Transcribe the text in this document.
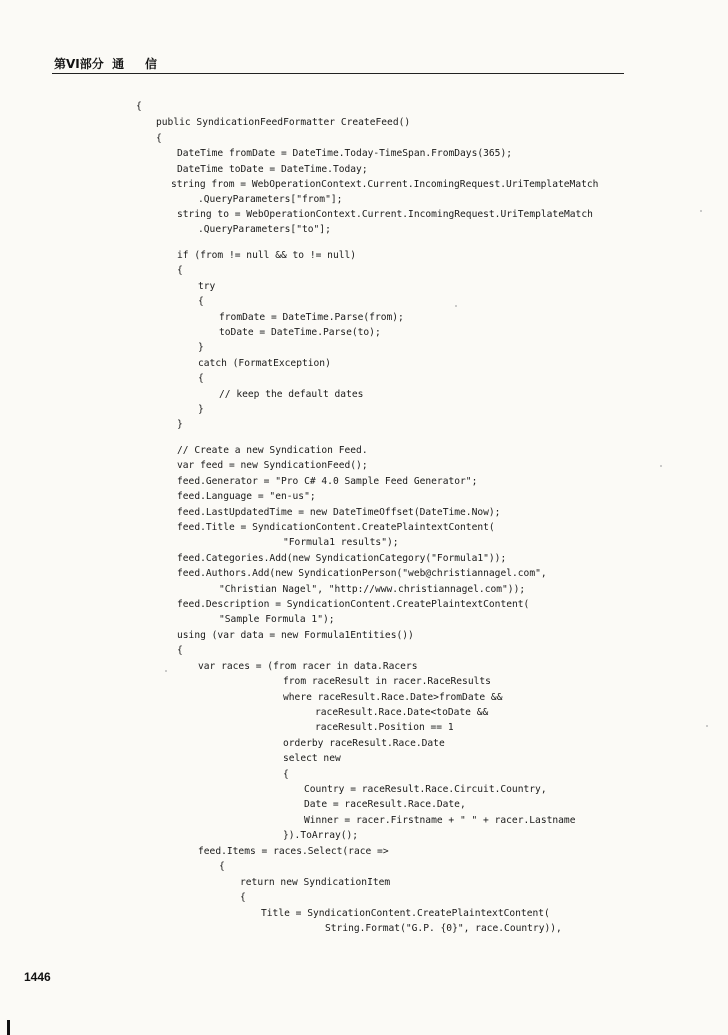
第VI部分 通 信
{
public SyndicationFeedFormatter CreateFeed()
{
DateTime fromDate = DateTime.Today-TimeSpan.FromDays(365);
DateTime toDate = DateTime.Today;
string from = WebOperationContext.Current.IncomingRequest.UriTemplateMatch
.QueryParameters["from"];
string to = WebOperationContext.Current.IncomingRequest.UriTemplateMatch
.QueryParameters["to"];
if (from != null && to != null)
{
try
{
fromDate = DateTime.Parse(from);
toDate = DateTime.Parse(to);
}
catch (FormatException)
{
// keep the default dates
}
}
// Create a new Syndication Feed.
var feed = new SyndicationFeed();
feed.Generator = "Pro C# 4.0 Sample Feed Generator";
feed.Language = "en-us";
feed.LastUpdatedTime = new DateTimeOffset(DateTime.Now);
feed.Title = SyndicationContent.CreatePlaintextContent(
"Formula1 results");
feed.Categories.Add(new SyndicationCategory("Formula1"));
feed.Authors.Add(new SyndicationPerson("web@christiannagel.com",
"Christian Nagel", "http://www.christiannagel.com"));
feed.Description = SyndicationContent.CreatePlaintextContent(
"Sample Formula 1");
using (var data = new Formula1Entities())
{
var races = (from racer in data.Racers
from raceResult in racer.RaceResults
where raceResult.Race.Date>fromDate &&
raceResult.Race.Date<toDate &&
raceResult.Position == 1
orderby raceResult.Race.Date
select new
{
Country = raceResult.Race.Circuit.Country,
Date = raceResult.Race.Date,
Winner = racer.Firstname + " " + racer.Lastname
}).ToArray();
feed.Items = races.Select(race =>
{
return new SyndicationItem
{
Title = SyndicationContent.CreatePlaintextContent(
String.Format("G.P. {0}", race.Country)),
1446
